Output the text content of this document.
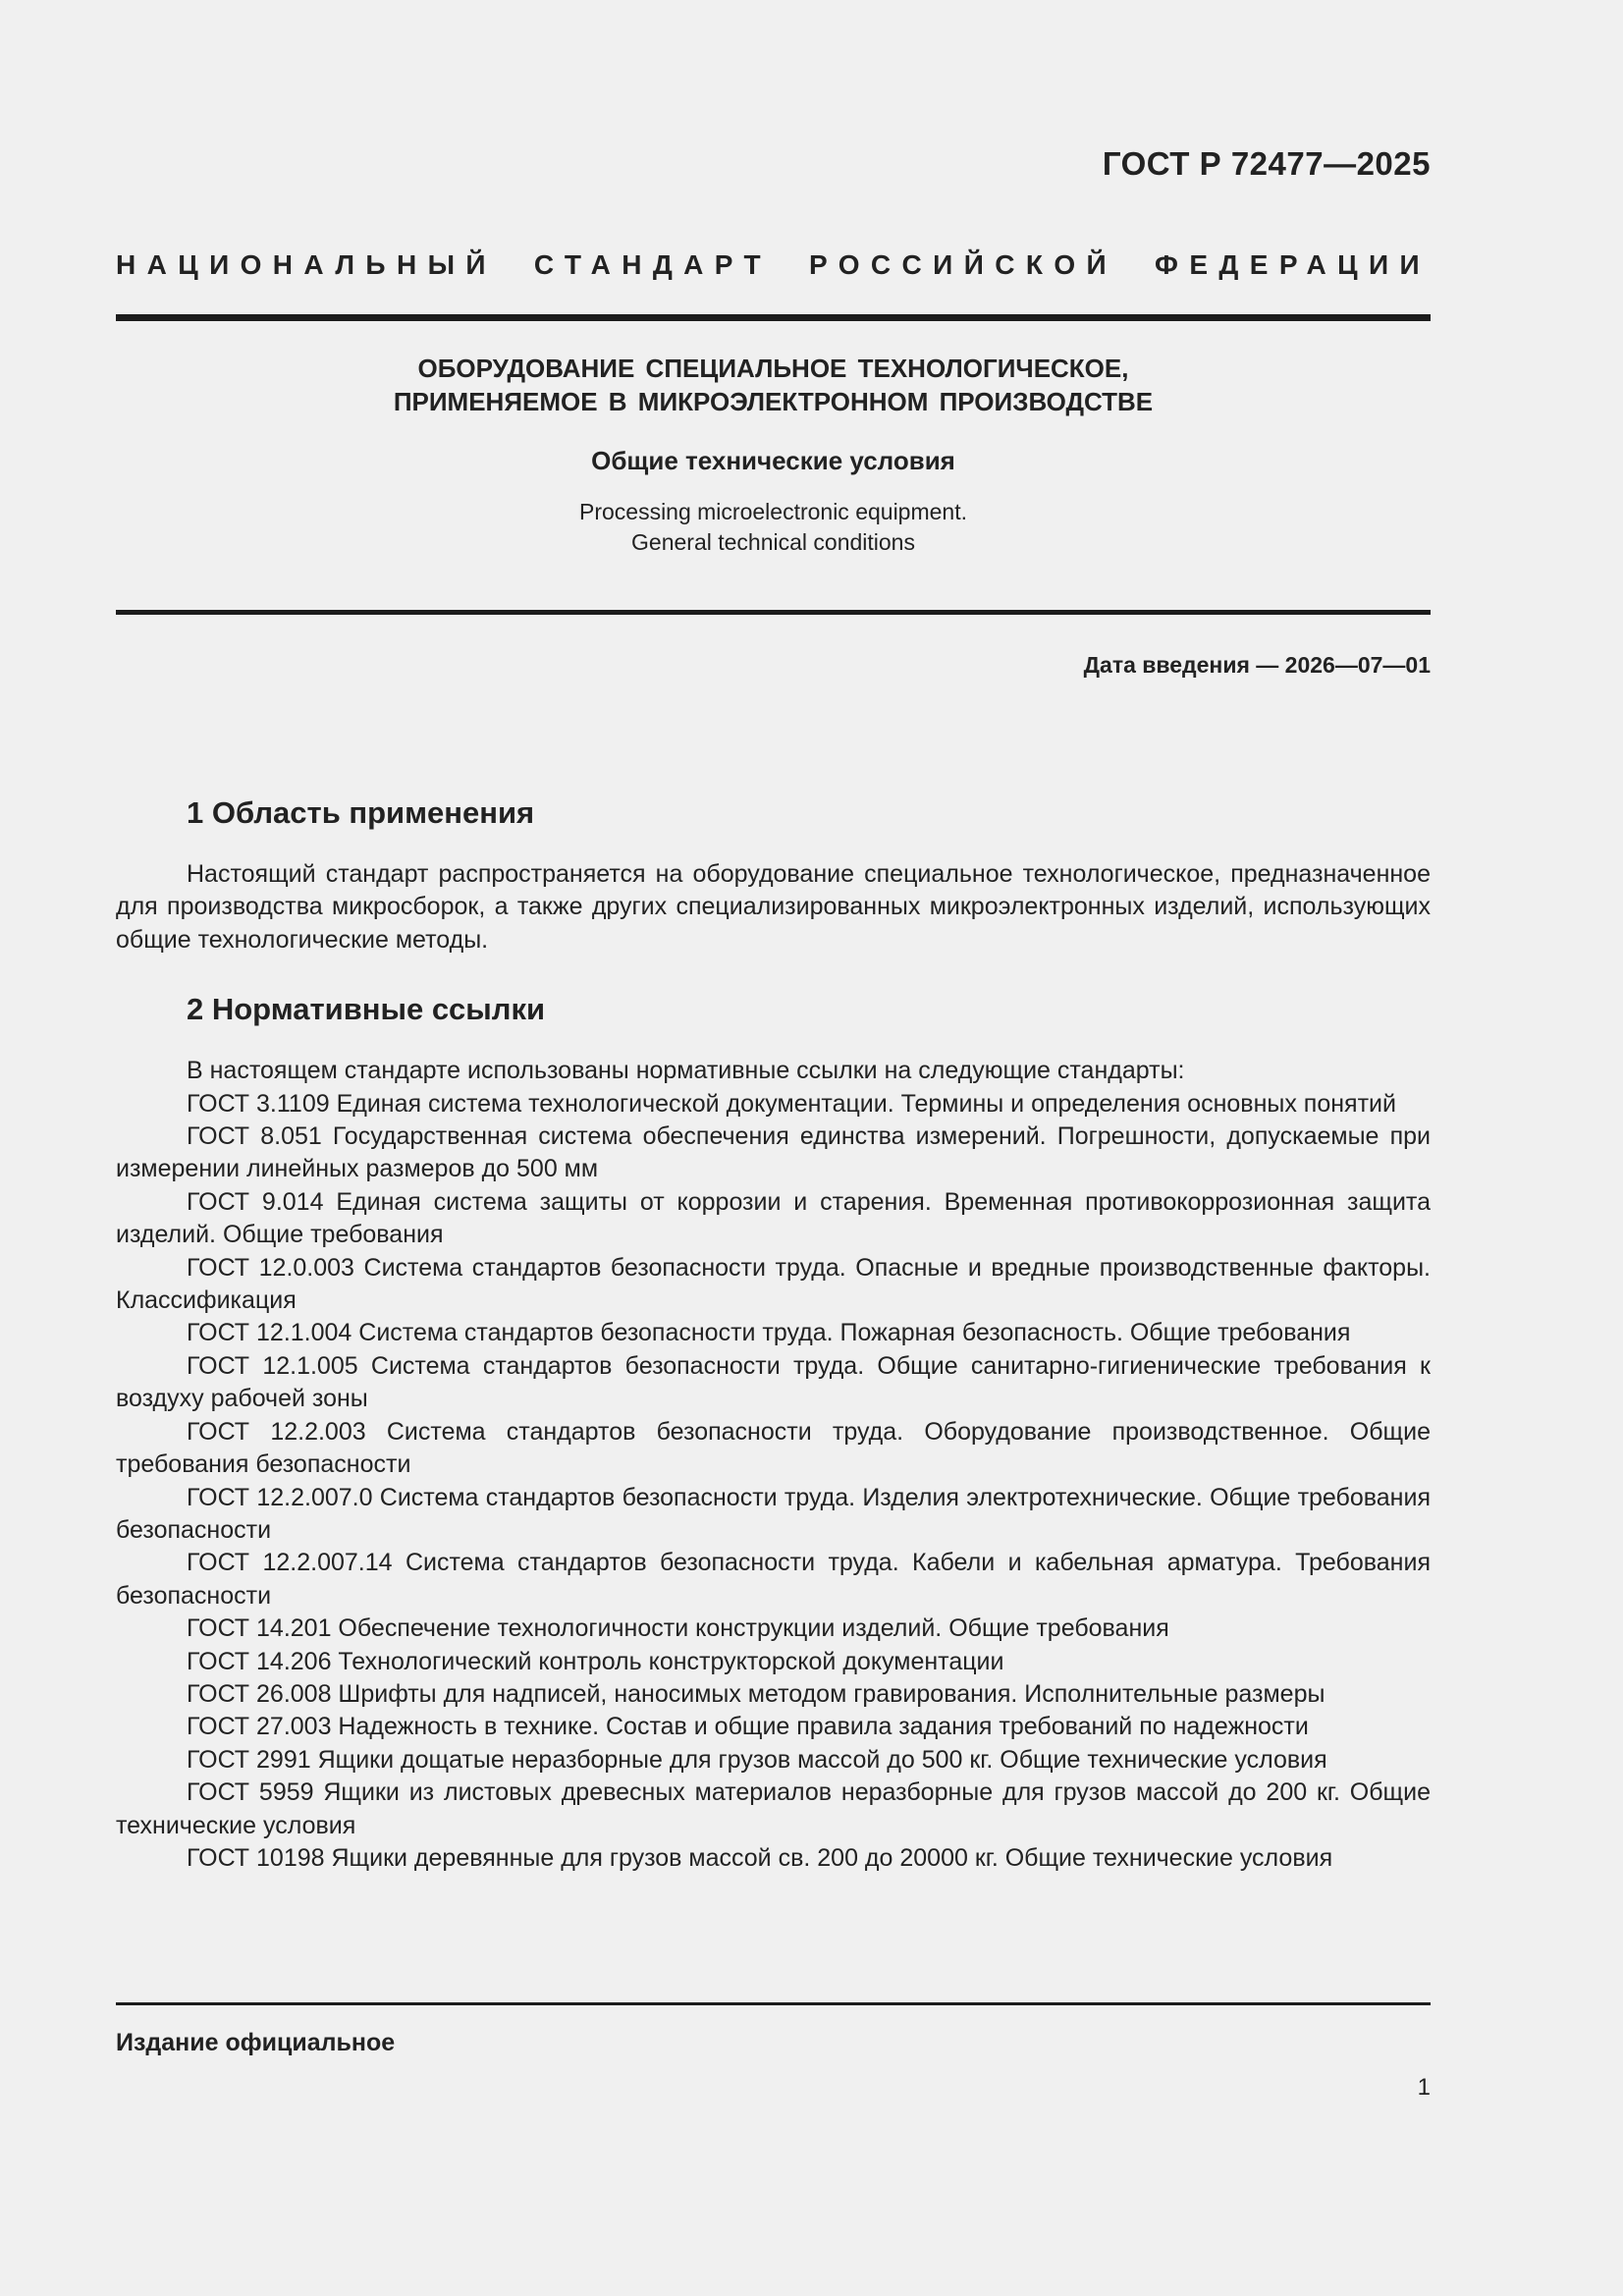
ГОСТ Р 72477—2025
НАЦИОНАЛЬНЫЙ СТАНДАРТ РОССИЙСКОЙ ФЕДЕРАЦИИ
ОБОРУДОВАНИЕ СПЕЦИАЛЬНОЕ ТЕХНОЛОГИЧЕСКОЕ,
ПРИМЕНЯЕМОЕ В МИКРОЭЛЕКТРОННОМ ПРОИЗВОДСТВЕ
Общие технические условия
Processing microelectronic equipment.
General technical conditions
Дата введения — 2026—07—01
1 Область применения

Настоящий стандарт распространяется на оборудование специальное технологическое, предназначенное для производства микросборок, а также других специализированных микроэлектронных изделий, использующих общие технологические методы.

2 Нормативные ссылки

В настоящем стандарте использованы нормативные ссылки на следующие стандарты:

ГОСТ 3.1109 Единая система технологической документации. Термины и определения основных понятий
ГОСТ 8.051 Государственная система обеспечения единства измерений. Погрешности, допускаемые при измерении линейных размеров до 500 мм
ГОСТ 9.014 Единая система защиты от коррозии и старения. Временная противокоррозионная защита изделий. Общие требования
ГОСТ 12.0.003 Система стандартов безопасности труда. Опасные и вредные производственные факторы. Классификация
ГОСТ 12.1.004 Система стандартов безопасности труда. Пожарная безопасность. Общие требования
ГОСТ 12.1.005 Система стандартов безопасности труда. Общие санитарно-гигиенические требования к воздуху рабочей зоны
ГОСТ 12.2.003 Система стандартов безопасности труда. Оборудование производственное. Общие требования безопасности
ГОСТ 12.2.007.0 Система стандартов безопасности труда. Изделия электротехнические. Общие требования безопасности
ГОСТ 12.2.007.14 Система стандартов безопасности труда. Кабели и кабельная арматура. Требования безопасности
ГОСТ 14.201 Обеспечение технологичности конструкции изделий. Общие требования
ГОСТ 14.206 Технологический контроль конструкторской документации
ГОСТ 26.008 Шрифты для надписей, наносимых методом гравирования. Исполнительные размеры
ГОСТ 27.003 Надежность в технике. Состав и общие правила задания требований по надежности
ГОСТ 2991 Ящики дощатые неразборные для грузов массой до 500 кг. Общие технические условия
ГОСТ 5959 Ящики из листовых древесных материалов неразборные для грузов массой до 200 кг. Общие технические условия
ГОСТ 10198 Ящики деревянные для грузов массой св. 200 до 20000 кг. Общие технические условия
Издание официальное
1
